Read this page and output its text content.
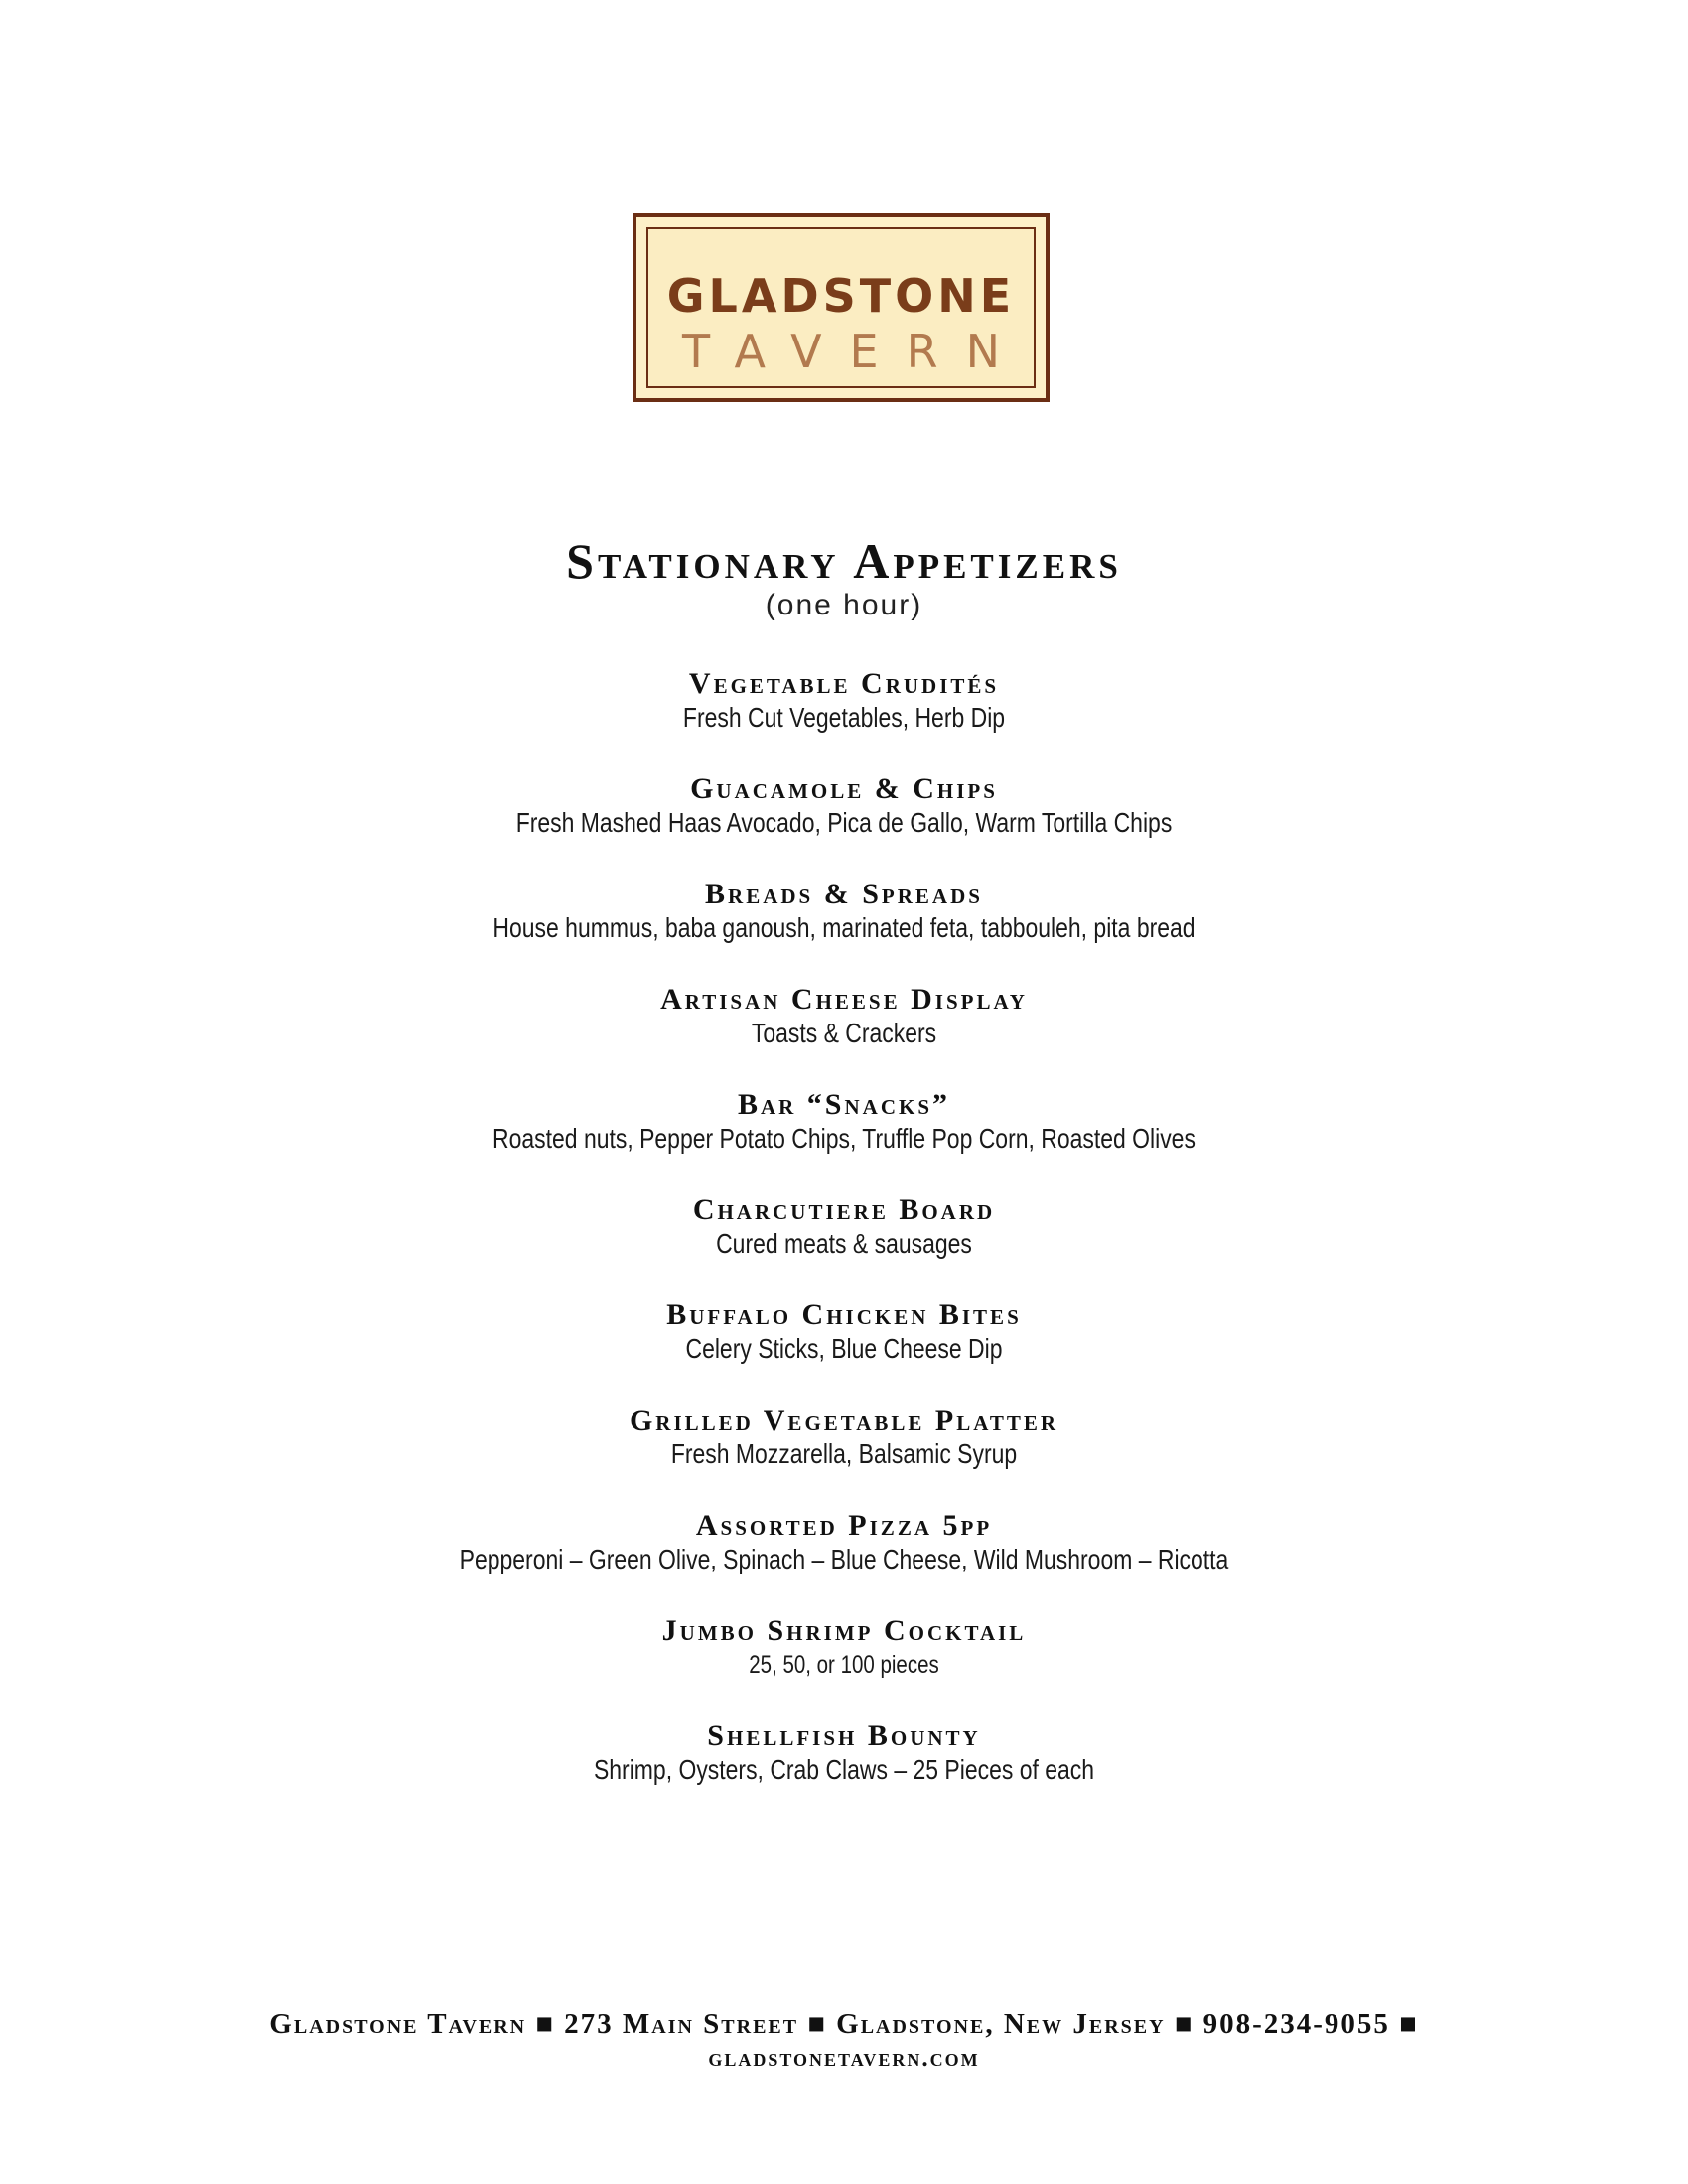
GLADSTONE
TAVERN
Stationary Appetizers
(one hour)
Vegetable Crudités
Fresh Cut Vegetables, Herb Dip
Guacamole & Chips
Fresh Mashed Haas Avocado, Pica de Gallo, Warm Tortilla Chips
Breads & Spreads
House hummus, baba ganoush, marinated feta, tabbouleh, pita bread
Artisan Cheese Display
Toasts & Crackers
Bar “Snacks”
Roasted nuts, Pepper Potato Chips, Truffle Pop Corn, Roasted Olives
Charcutiere Board
Cured meats & sausages
Buffalo Chicken Bites
Celery Sticks, Blue Cheese Dip
Grilled Vegetable Platter
Fresh Mozzarella, Balsamic Syrup
Assorted Pizza 5pp
Pepperoni – Green Olive, Spinach – Blue Cheese, Wild Mushroom – Ricotta
Jumbo Shrimp Cocktail
25, 50, or 100 pieces
Shellfish Bounty
Shrimp, Oysters, Crab Claws – 25 Pieces of each
Gladstone Tavern ■ 273 Main Street ■ Gladstone, New Jersey ■ 908-234-9055 ■
gladstonetavern.com
